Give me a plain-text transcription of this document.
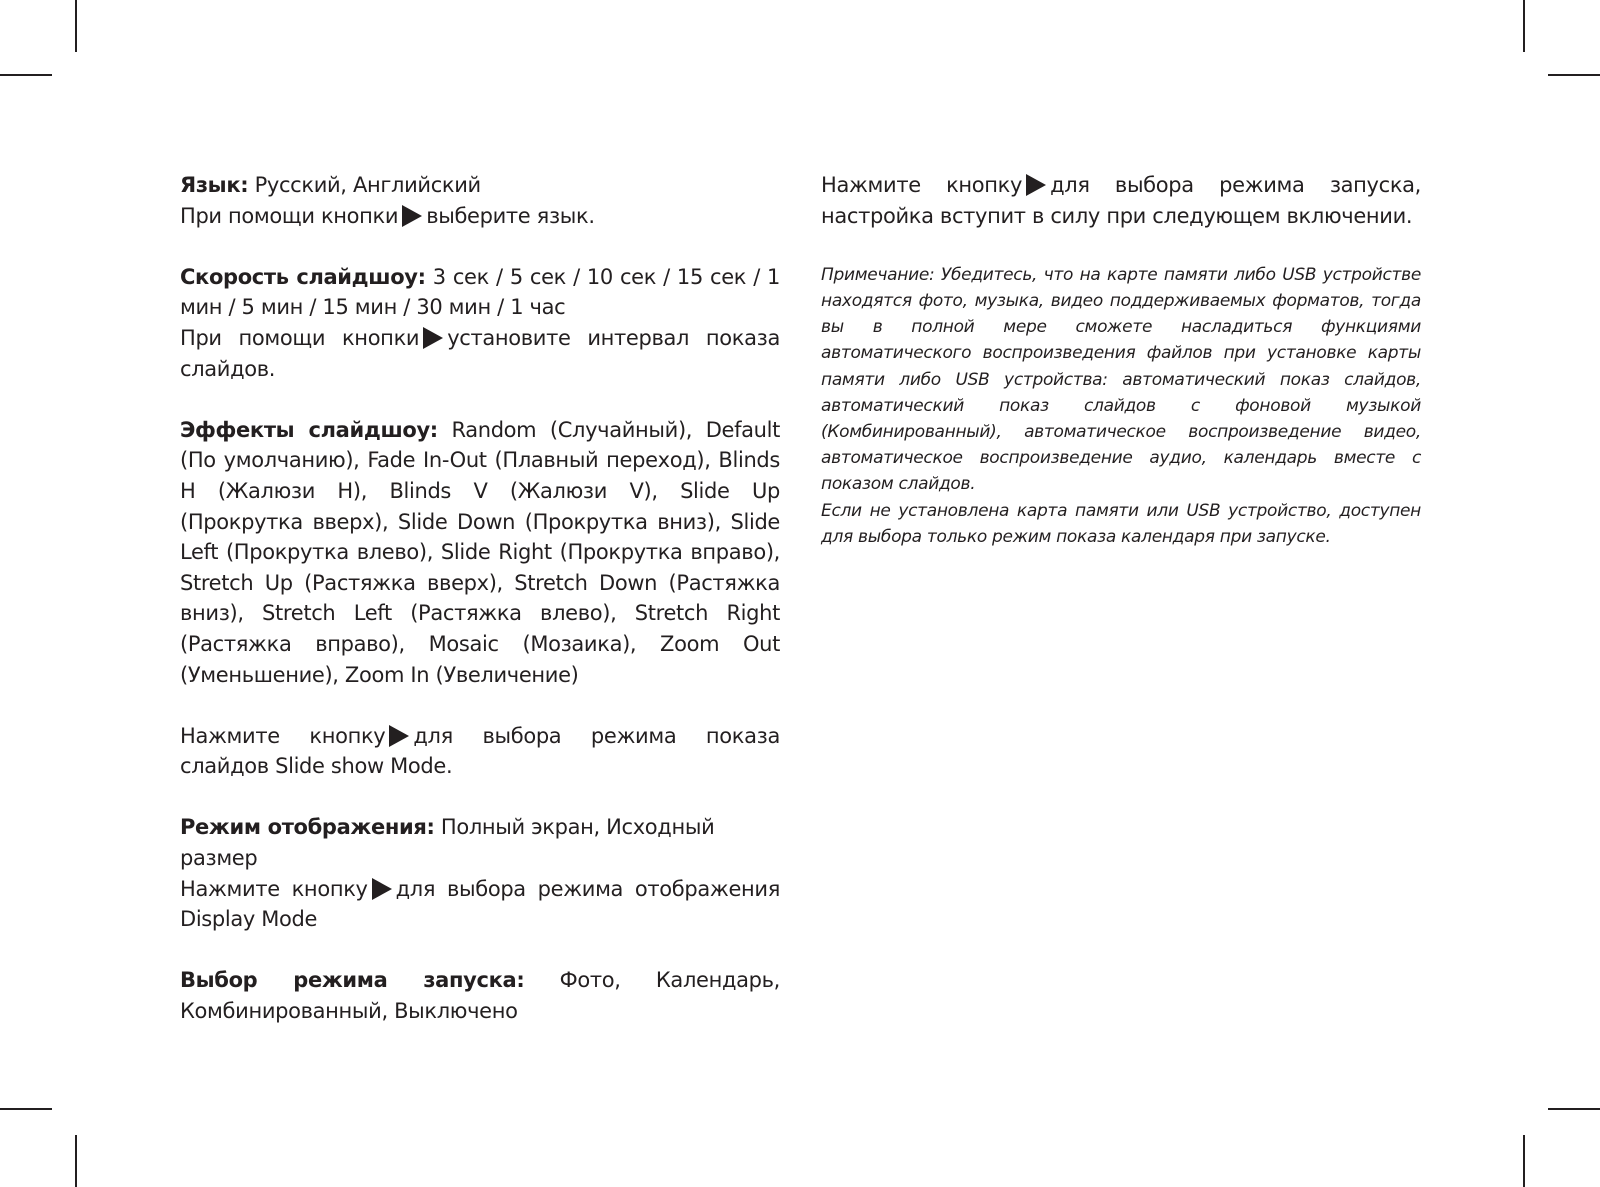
Язык: Русский, Английский
При помощи кнопки выберите язык.

Скорость слайдшоу: 3 сек / 5 сек / 10 сек / 15 сек / 1 мин / 5 мин / 15 мин / 30 мин / 1 час
При помощи кнопки установите интервал показа слайдов.

Эффекты слайдшоу: Random (Случайный), Default (По умолчанию), Fade In-Out (Плавный переход), Blinds H (Жалюзи H), Blinds V (Жалюзи V), Slide Up (Прокрутка вверх), Slide Down (Прокрутка вниз), Slide Left (Прокрутка влево), Slide Right (Прокрутка вправо), Stretch Up (Растяжка вверх), Stretch Down (Растяжка вниз), Stretch Left (Растяжка влево), Stretch Right (Растяжка вправо), Mosaic (Мозаика), Zoom Out (Уменьшение), Zoom In (Увеличение)

Нажмите кнопку для выбора режима показа слайдов Slide show Mode.

Режим отображения: Полный экран, Исходный размер
Нажмите кнопку для выбора режима отображения Display Mode

Выбор режима запуска: Фото, Календарь, Комбинированный, Выключено

Нажмите кнопку для выбора режима запуска, настройка вступит в силу при следующем включении.

Примечание: Убедитесь, что на карте памяти либо USB устройстве находятся фото, музыка, видео поддерживаемых форматов, тогда вы в полной мере сможете насладиться функциями автоматического воспроизведения файлов при установке карты памяти либо USB устройства: автоматический показ слайдов, автоматический показ слайдов с фоновой музыкой (Комбинированный), автоматическое воспроизведение видео, автоматическое воспроизведение аудио, календарь вместе с показом слайдов.

Если не установлена карта памяти или USB устройство, доступен для выбора только режим показа календаря при запуске.
